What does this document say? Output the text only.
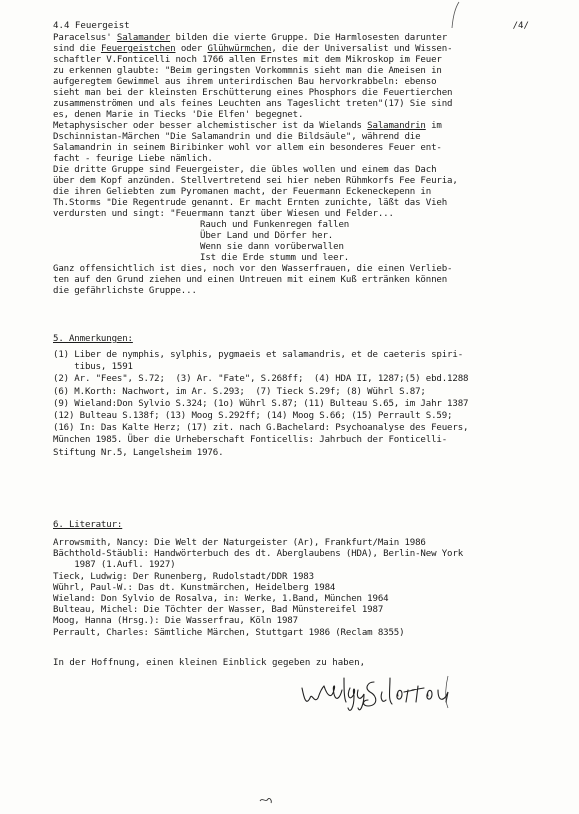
4.4 Feuergeist	/4/
Paracelsus' Salamander bilden die vierte Gruppe. Die Harmlosesten darunter
sind die Feuergeistchen oder Glühwürmchen, die der Universalist und Wissen-
schaftler V.Fonticelli noch 1766 allen Ernstes mit dem Mikroskop im Feuer
zu erkennen glaubte: "Beim geringsten Vorkommnis sieht man die Ameisen in
aufgeregtem Gewimmel aus ihrem unterirdischen Bau hervorkrabbeln: ebenso
sieht man bei der kleinsten Erschütterung eines Phosphors die Feuertierchen
zusammenströmen und als feines Leuchten ans Tageslicht treten"(17) Sie sind
es, denen Marie in Tiecks 'Die Elfen' begegnet.
Metaphysischer oder besser alchemistischer ist da Wielands Salamandrin im
Dschinnistan-Märchen "Die Salamandrin und die Bildsäule", während die
Salamandrin in seinem Biribinker wohl vor allem ein besonderes Feuer ent-
facht - feurige Liebe nämlich.
Die dritte Gruppe sind Feuergeister, die übles wollen und einem das Dach
über dem Kopf anzünden. Stellvertretend sei hier neben Rühmkorfs Fee Feuria,
die ihren Geliebten zum Pyromanen macht, der Feuermann Eckeneckepenn in
Th.Storms "Die Regentrude genannt. Er macht Ernten zunichte, läßt das Vieh
verdursten und singt: "Feuermann tanzt über Wiesen und Felder...
Rauch und Funkenregen fallen
Über Land und Dörfer her.
Wenn sie dann vorüberwallen
Ist die Erde stumm und leer.
Ganz offensichtlich ist dies, noch vor den Wasserfrauen, die einen Verlieb-
ten auf den Grund ziehen und einen Untreuen mit einem Kuß ertränken können
die gefährlichste Gruppe...
5. Anmerkungen:
(1) Liber de nymphis, sylphis, pygmaeis et salamandris, et de caeteris spiri-
tibus, 1591
(2) Ar. "Fees", S.72;  (3) Ar. "Fate", S.268ff;  (4) HDA II, 1287;(5) ebd.1288
(6) M.Korth: Nachwort, im Ar. S.293;  (7) Tieck S.29f; (8) Wührl S.87;
(9) Wieland:Don Sylvio S.324; (1o) Wührl S.87; (11) Bulteau S.65, im Jahr 1387
(12) Bulteau S.138f; (13) Moog S.292ff; (14) Moog S.66; (15) Perrault S.59;
(16) In: Das Kalte Herz; (17) zit. nach G.Bachelard: Psychoanalyse des Feuers,
München 1985. Über die Urheberschaft Fonticellis: Jahrbuch der Fonticelli-
Stiftung Nr.5, Langelsheim 1976.
6. Literatur:
Arrowsmith, Nancy: Die Welt der Naturgeister (Ar), Frankfurt/Main 1986
Bächthold-Stäubli: Handwörterbuch des dt. Aberglaubens (HDA), Berlin-New York
1987 (1.Aufl. 1927)
Tieck, Ludwig: Der Runenberg, Rudolstadt/DDR 1983
Wührl, Paul-W.: Das dt. Kunstmärchen, Heidelberg 1984
Wieland: Don Sylvio de Rosalva, in: Werke, 1.Band, München 1964
Bulteau, Michel: Die Töchter der Wasser, Bad Münstereifel 1987
Moog, Hanna (Hrsg.): Die Wasserfrau, Köln 1987
Perrault, Charles: Sämtliche Märchen, Stuttgart 1986 (Reclam 8355)
In der Hoffnung, einen kleinen Einblick gegeben zu haben,
